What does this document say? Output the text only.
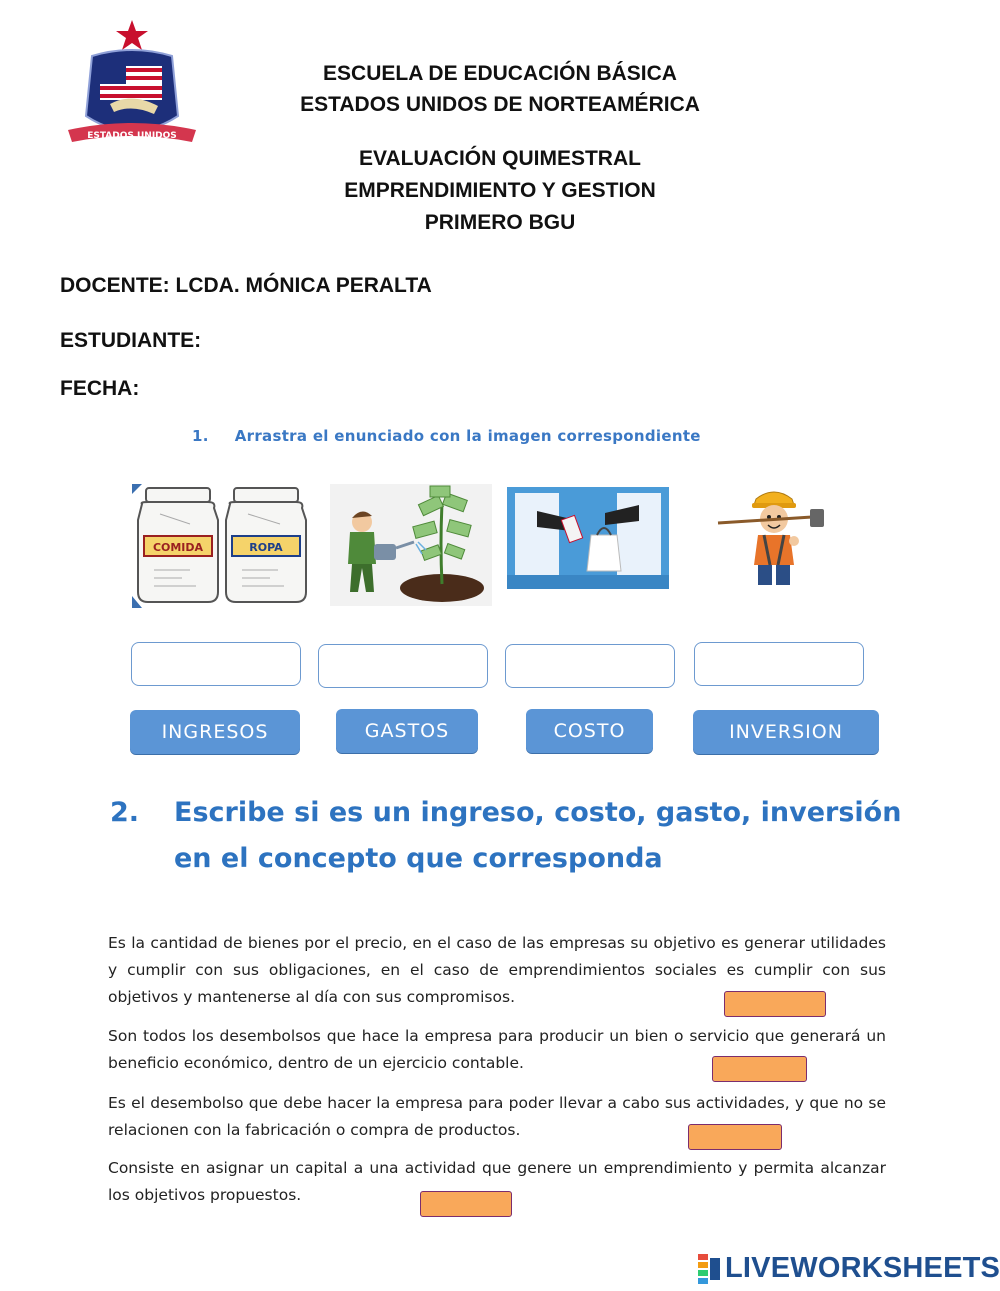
ESTADOS UNIDOS
ESCUELA DE EDUCACIÓN BÁSICA
ESTADOS UNIDOS DE NORTEAMÉRICA
EVALUACIÓN QUIMESTRAL
EMPRENDIMIENTO Y GESTION
PRIMERO BGU
DOCENTE: LCDA. MÓNICA PERALTA
ESTUDIANTE:
FECHA:
1. Arrastra el enunciado con la imagen correspondiente
COMIDA	ROPA
INGRESOS	GASTOS	COSTO	INVERSION
2. Escribe si es un ingreso, costo, gasto, inversión
en el concepto que corresponda
Es la cantidad de bienes por el precio, en el caso de las empresas su objetivo es generar utilidades y cumplir con sus obligaciones, en el caso de emprendimientos sociales es cumplir con sus objetivos y mantenerse al día con sus compromisos.
Son todos los desembolsos que hace la empresa para producir un bien o servicio que generará un beneficio económico, dentro de un ejercicio contable.
Es el desembolso que debe hacer la empresa para poder llevar a cabo sus actividades, y que no se relacionen con la fabricación o compra de productos.
Consiste en asignar un capital a una actividad que genere un emprendimiento y permita alcanzar los objetivos propuestos.
LIVEWORKSHEETS
